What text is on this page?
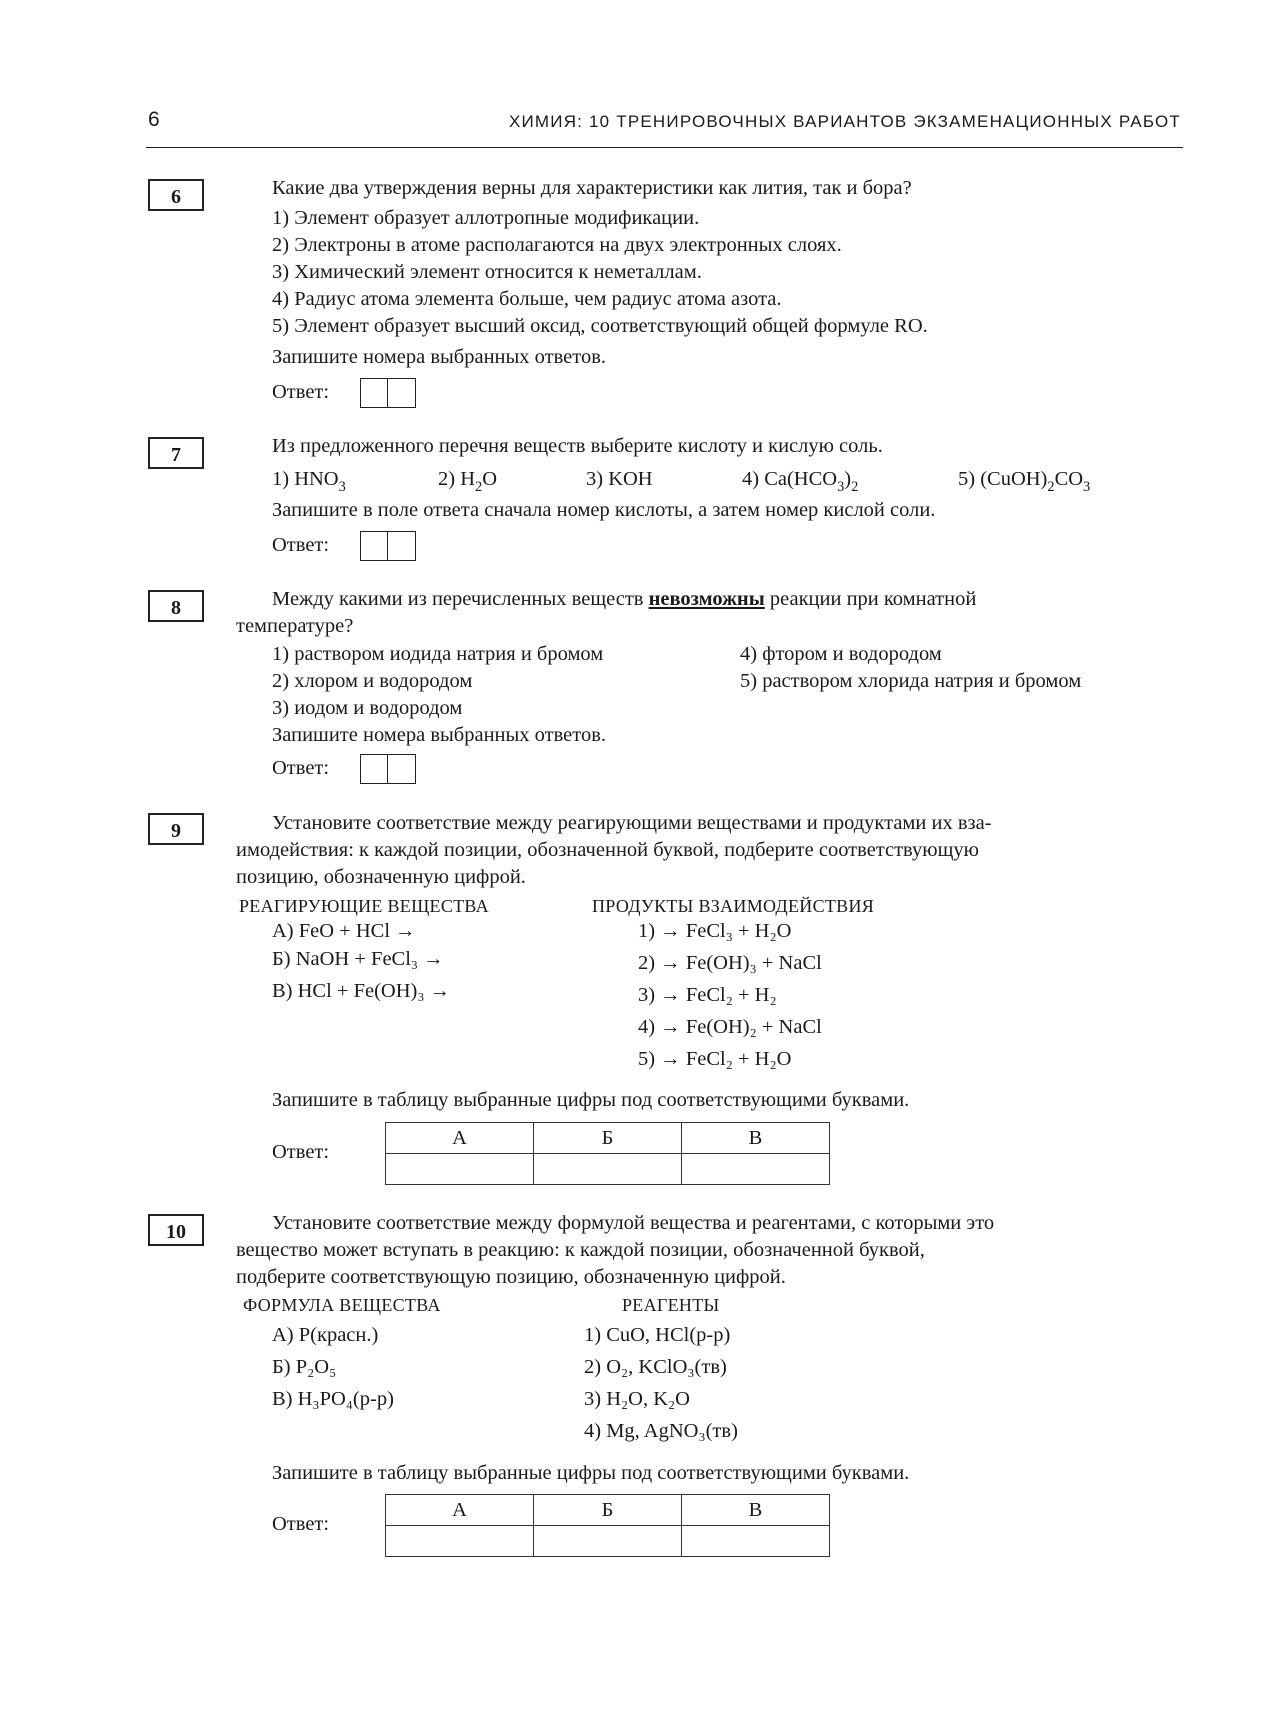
6	ХИМИЯ: 10 ТРЕНИРОВОЧНЫХ ВАРИАНТОВ ЭКЗАМЕНАЦИОННЫХ РАБОТ
6	Какие два утверждения верны для характеристики как лития, так и бора?
1) Элемент образует аллотропные модификации.
2) Электроны в атоме располагаются на двух электронных слоях.
3) Химический элемент относится к неметаллам.
4) Радиус атома элемента больше, чем радиус атома азота.
5) Элемент образует высший оксид, соответствующий общей формуле RO.
Запишите номера выбранных ответов.
Ответ:
7	Из предложенного перечня веществ выберите кислоту и кислую соль.
1) $HNO_3$	2) $H_2O$	3) KOH	4) $Ca(HCO_3)_2$	5) $(CuOH)_2CO_3$
Запишите в поле ответа сначала номер кислоты, а затем номер кислой соли.
Ответ:
8	Между какими из перечисленных веществ невозможны реакции при комнатной
температуре?
1) раствором иодида натрия и бромом
2) хлором и водородом
3) иодом и водородом
4) фтором и водородом
5) раствором хлорида натрия и бромом
Запишите номера выбранных ответов.
Ответ:
9	Установите соответствие между реагирующими веществами и продуктами их вза-
имодействия: к каждой позиции, обозначенной буквой, подберите соответствующую
позицию, обозначенную цифрой.
РЕАГИРУЮЩИЕ ВЕЩЕСТВА	ПРОДУКТЫ ВЗАИМОДЕЙСТВИЯ
А) FeO + HCl →
Б) NaOH + FeCl₃ →
В) HCl + Fe(OH)₃ →
1) → FeCl₃ + H₂O
2) → Fe(OH)₃ + NaCl
3) → FeCl₂ + H₂
4) → Fe(OH)₂ + NaCl
5) → FeCl₂ + H₂O
Запишите в таблицу выбранные цифры под соответствующими буквами.
Ответ:
А	Б	В

10	Установите соответствие между формулой вещества и реагентами, с которыми это
вещество может вступать в реакцию: к каждой позиции, обозначенной буквой,
подберите соответствующую позицию, обозначенную цифрой.
ФОРМУЛА ВЕЩЕСТВА	РЕАГЕНТЫ
А) P(красн.)
Б) P₂O₅
В) H₃PO₄(р-р)
1) CuO, HCl(р-р)
2) O₂, KClO₃(тв)
3) H₂O, K₂O
4) Mg, AgNO₃(тв)
Запишите в таблицу выбранные цифры под соответствующими буквами.
Ответ:
А	Б	В
